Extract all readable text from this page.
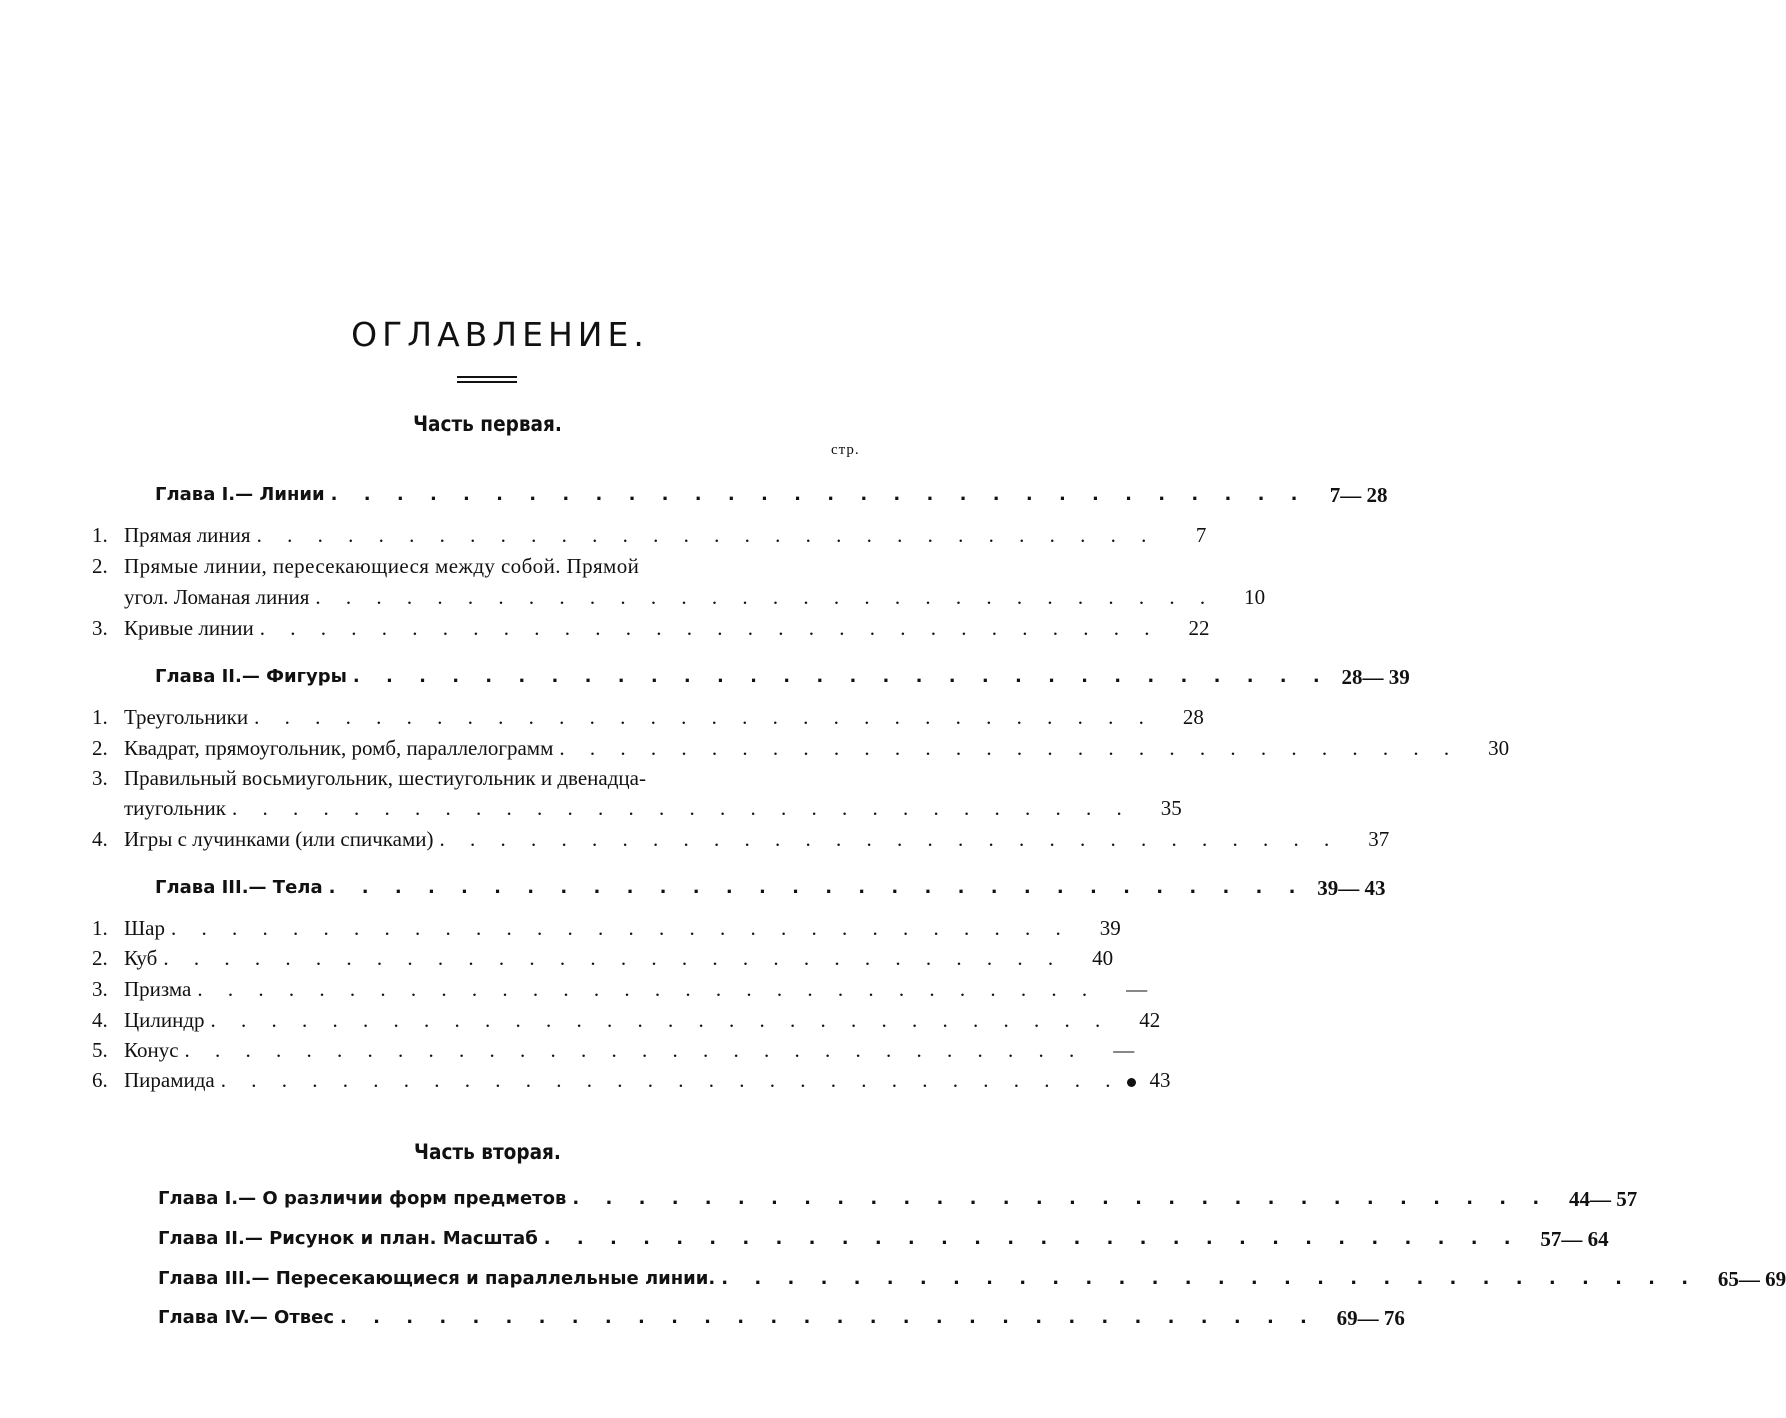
ОГЛАВЛЕНИЕ.
Часть первая.
стр.
Глава I.— Линии . . . . . . . . . . . . . . . . . . . . . . . . . . . . . .	7— 28
1. Прямая линия . . . . . . . . . . . . . . . . . . . . . . . . . . . . . .	7
2. Прямые линии, пересекающиеся между собой. Прямой
угол. Ломаная линия . . . . . . . . . . . . . . . . . . . . . . . . . . . . . .	10
3. Кривые линии . . . . . . . . . . . . . . . . . . . . . . . . . . . . . .	22
Глава II.— Фигуры . . . . . . . . . . . . . . . . . . . . . . . . . . . . . . 28— 39
1. Треугольники . . . . . . . . . . . . . . . . . . . . . . . . . . . . . .	28
2. Квадрат, прямоугольник, ромб, параллелограмм . . . . . . . . . . . . . . . . . . . . . . . . . . . . . .	30
3. Правильный восьмиугольник, шестиугольник и двенадца-
тиугольник . . . . . . . . . . . . . . . . . . . . . . . . . . . . . .	35
4. Игры с лучинками (или спичками) . . . . . . . . . . . . . . . . . . . . . . . . . . . . . .	37
Глава III.— Тела . . . . . . . . . . . . . . . . . . . . . . . . . . . . . . 39— 43
1. Шар . . . . . . . . . . . . . . . . . . . . . . . . . . . . . .	39
2. Куб . . . . . . . . . . . . . . . . . . . . . . . . . . . . . .	40
3. Призма . . . . . . . . . . . . . . . . . . . . . . . . . . . . . .	—
4. Цилиндр . . . . . . . . . . . . . . . . . . . . . . . . . . . . . .	42
5. Конус . . . . . . . . . . . . . . . . . . . . . . . . . . . . . .	—
6. Пирамида . . . . . . . . . . . . . . . . . . . . . . . . . . . . . .	43
Часть вторая.
Глава I.— О различии форм предметов . . . . . . . . . . . . . . . . . . . . . . . . . . . . . . 44— 57
Глава II.— Рисунок и план. Масштаб . . . . . . . . . . . . . . . . . . . . . . . . . . . . . . 57— 64
Глава III.— Пересекающиеся и параллельные линии. . . . . . . . . . . . . . . . . . . . . . . . . . . . . . . 65— 69
Глава IV.— Отвес . . . . . . . . . . . . . . . . . . . . . . . . . . . . . . 69— 76
